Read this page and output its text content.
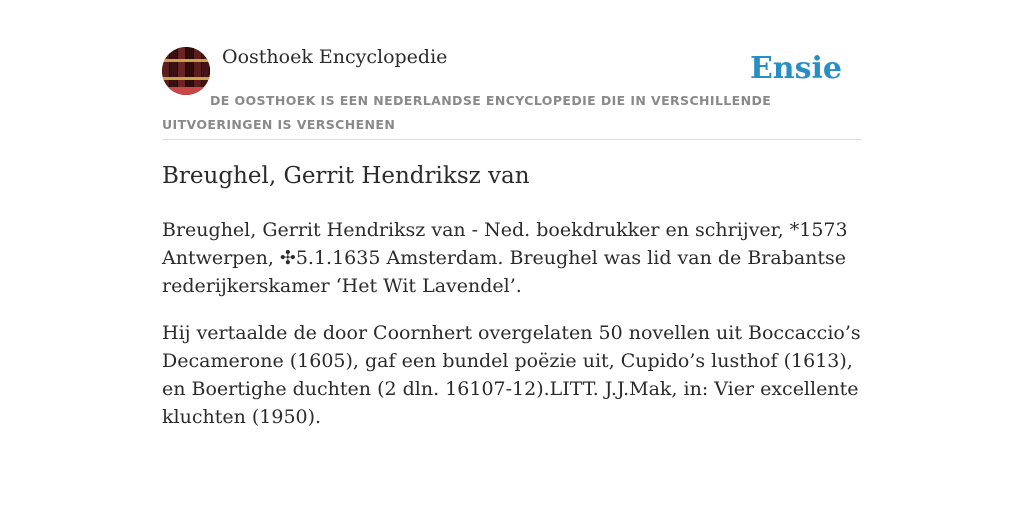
Oosthoek Encyclopedie	Ensie
DE OOSTHOEK IS EEN NEDERLANDSE ENCYCLOPEDIE DIE IN VERSCHILLENDE UITVOERINGEN IS VERSCHENEN
Breughel, Gerrit Hendriksz van

Breughel, Gerrit Hendriksz van - Ned. boekdrukker en schrijver, *1573 Antwerpen, ✣5.1.1635 Amsterdam. Breughel was lid van de Brabantse rederijkerskamer ‘Het Wit Lavendel’.

Hij vertaalde de door Coornhert overgelaten 50 novellen uit Boccaccio’s Decamerone (1605), gaf een bundel poëzie uit, Cupido’s lusthof (1613), en Boertighe duchten (2 dln. 16107-12).LITT. J.J.Mak, in: Vier excellente kluchten (1950).
